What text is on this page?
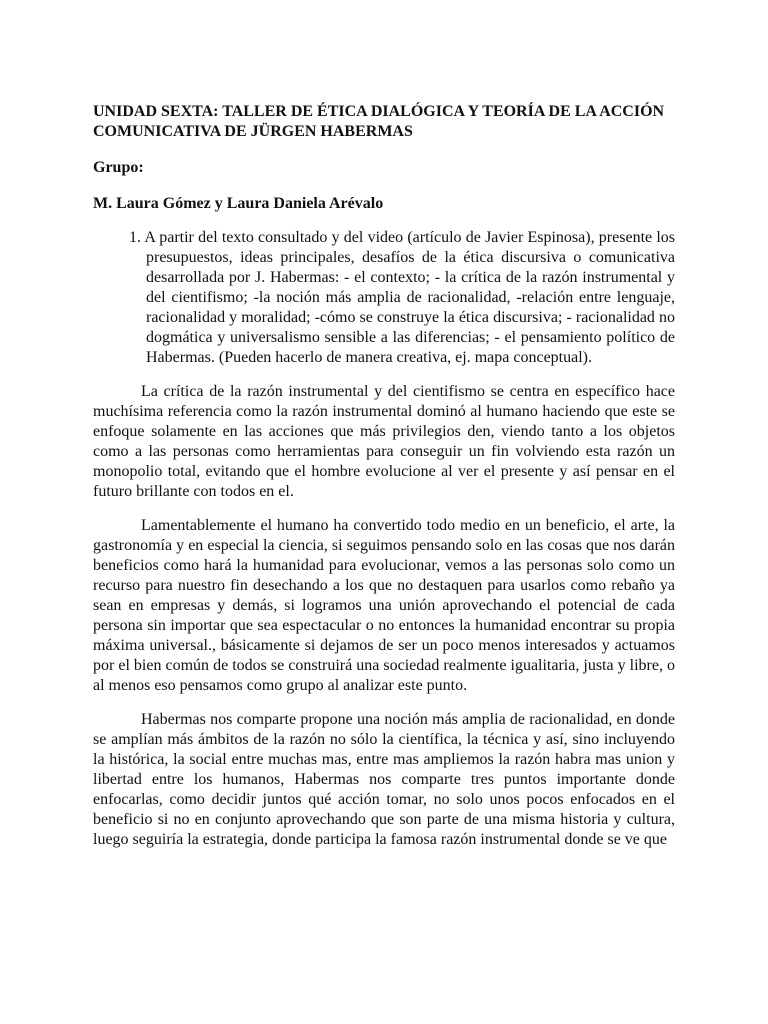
UNIDAD SEXTA: TALLER DE ÉTICA DIALÓGICA Y TEORÍA DE LA ACCIÓN COMUNICATIVA DE JÜRGEN HABERMAS

Grupo:

M. Laura Gómez y Laura Daniela Arévalo

1. A partir del texto consultado y del video (artículo de Javier Espinosa), presente los presupuestos, ideas principales, desafíos de la ética discursiva o comunicativa desarrollada por J. Habermas: - el contexto; - la crítica de la razón instrumental y del cientifismo; -la noción más amplia de racionalidad, -relación entre lenguaje, racionalidad y moralidad; -cómo se construye la ética discursiva; - racionalidad no dogmática y universalismo sensible a las diferencias; - el pensamiento político de Habermas. (Pueden hacerlo de manera creativa, ej. mapa conceptual).

La crítica de la razón instrumental y del cientifismo se centra en específico hace muchísima referencia como la razón instrumental dominó al humano haciendo que este se enfoque solamente en las acciones que más privilegios den, viendo tanto a los objetos como a las personas como herramientas para conseguir un fin volviendo esta razón un monopolio total, evitando que el hombre evolucione al ver el presente y así pensar en el futuro brillante con todos en el.

Lamentablemente el humano ha convertido todo medio en un beneficio, el arte, la gastronomía y en especial la ciencia, si seguimos pensando solo en las cosas que nos darán beneficios como hará la humanidad para evolucionar, vemos a las personas solo como un recurso para nuestro fin desechando a los que no destaquen para usarlos como rebaño ya sean en empresas y demás, si logramos una unión aprovechando el potencial de cada persona sin importar que sea espectacular o no entonces la humanidad encontrar su propia máxima universal., básicamente si dejamos de ser un poco menos interesados y actuamos por el bien común de todos se construirá una sociedad realmente igualitaria, justa y libre, o al menos eso pensamos como grupo al analizar este punto.

Habermas nos comparte propone una noción más amplia de racionalidad, en donde se amplían más ámbitos de la razón no sólo la científica, la técnica y así, sino incluyendo la histórica, la social entre muchas mas, entre mas ampliemos la razón habra mas union y libertad entre los humanos, Habermas nos comparte tres puntos importante donde enfocarlas, como decidir juntos qué acción tomar, no solo unos pocos enfocados en el beneficio si no en conjunto aprovechando que son parte de una misma historia y cultura, luego seguiría la estrategia, donde participa la famosa razón instrumental donde se ve que
